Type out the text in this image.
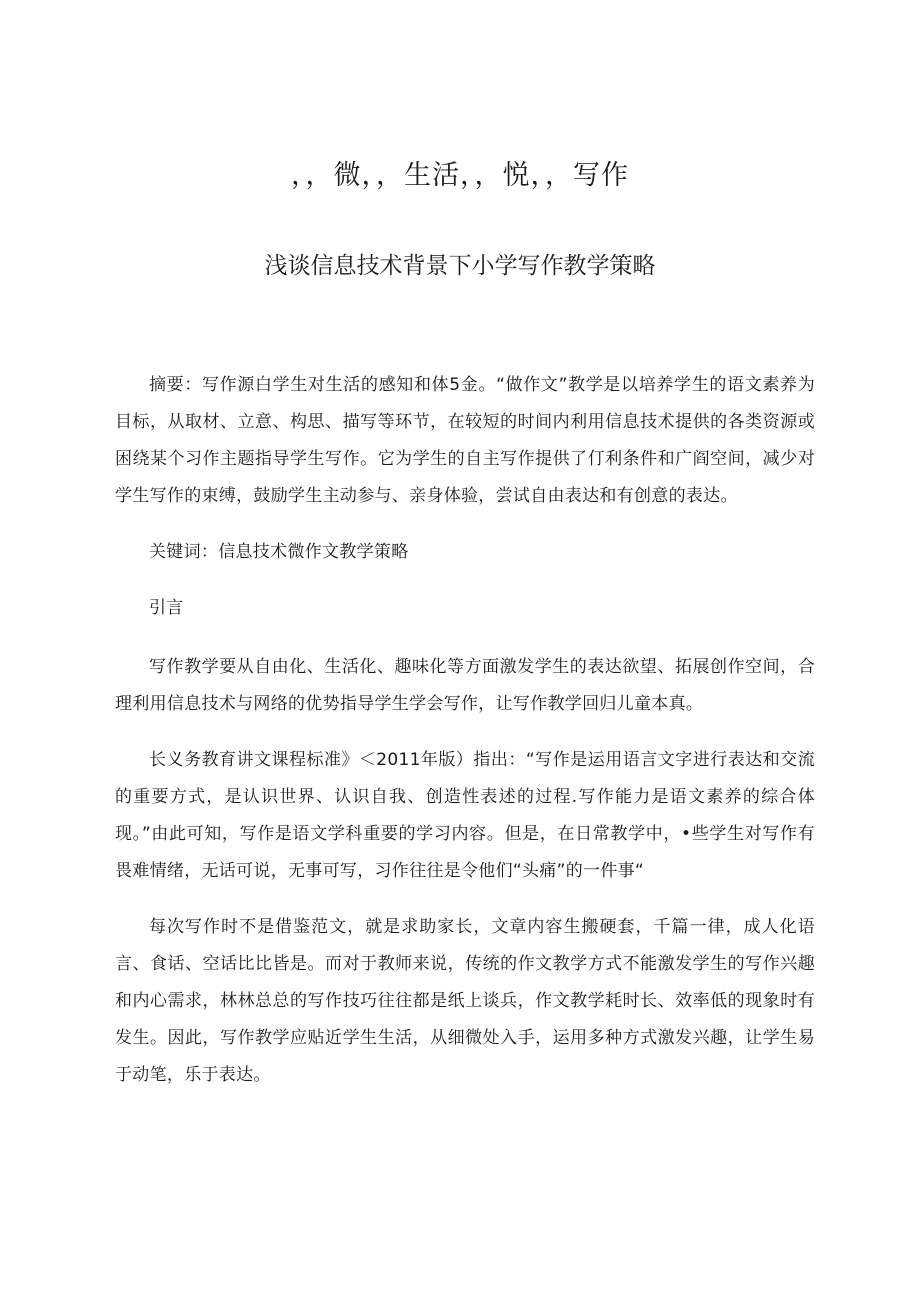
，，微，，生活，，悦，，写作
浅谈信息技术背景下小学写作教学策略

摘要：写作源白学生对生活的感知和体5金。“做作文”教学是以培养学生的语文素养为目标，从取材、立意、构思、描写等环节，在较短的时间内利用信息技术提供的各类资源或困绕某个习作主题指导学生写作。它为学生的自主写作提供了仃利条件和广阎空间，减少对学生写作的束缚，鼓励学生主动参与、亲身体验，尝试自由表达和有创意的表达。

关键词：信息技术微作文教学策略

引言

写作教学要从自由化、生活化、趣味化等方面激发学生的表达欲望、拓展创作空间，合理利用信息技术与网络的优势指导学生学会写作，让写作教学回归儿童本真。

长义务教育讲文课程标准》＜2011年版）指出：“写作是运用语言文字进行表达和交流的重要方式，是认识世界、认识自我、创造性表述的过程.写作能力是语文素养的综合体现。”由此可知，写作是语文学科重要的学习内容。但是，在日常教学中，•些学生对写作有畏难情绪，无话可说，无事可写，习作往往是令他们“头痛”的一件事“

每次写作时不是借鉴范文，就是求助家长，文章内容生搬硬套，千篇一律，成人化语言、食话、空话比比皆是。而对于教师来说，传统的作文教学方式不能激发学生的写作兴趣和内心需求，林林总总的写作技巧往往都是纸上谈兵，作文教学耗时长、效率低的现象时有发生。因此，写作教学应贴近学生生活，从细微处入手，运用多种方式激发兴趣，让学生易于动笔，乐于表达。
